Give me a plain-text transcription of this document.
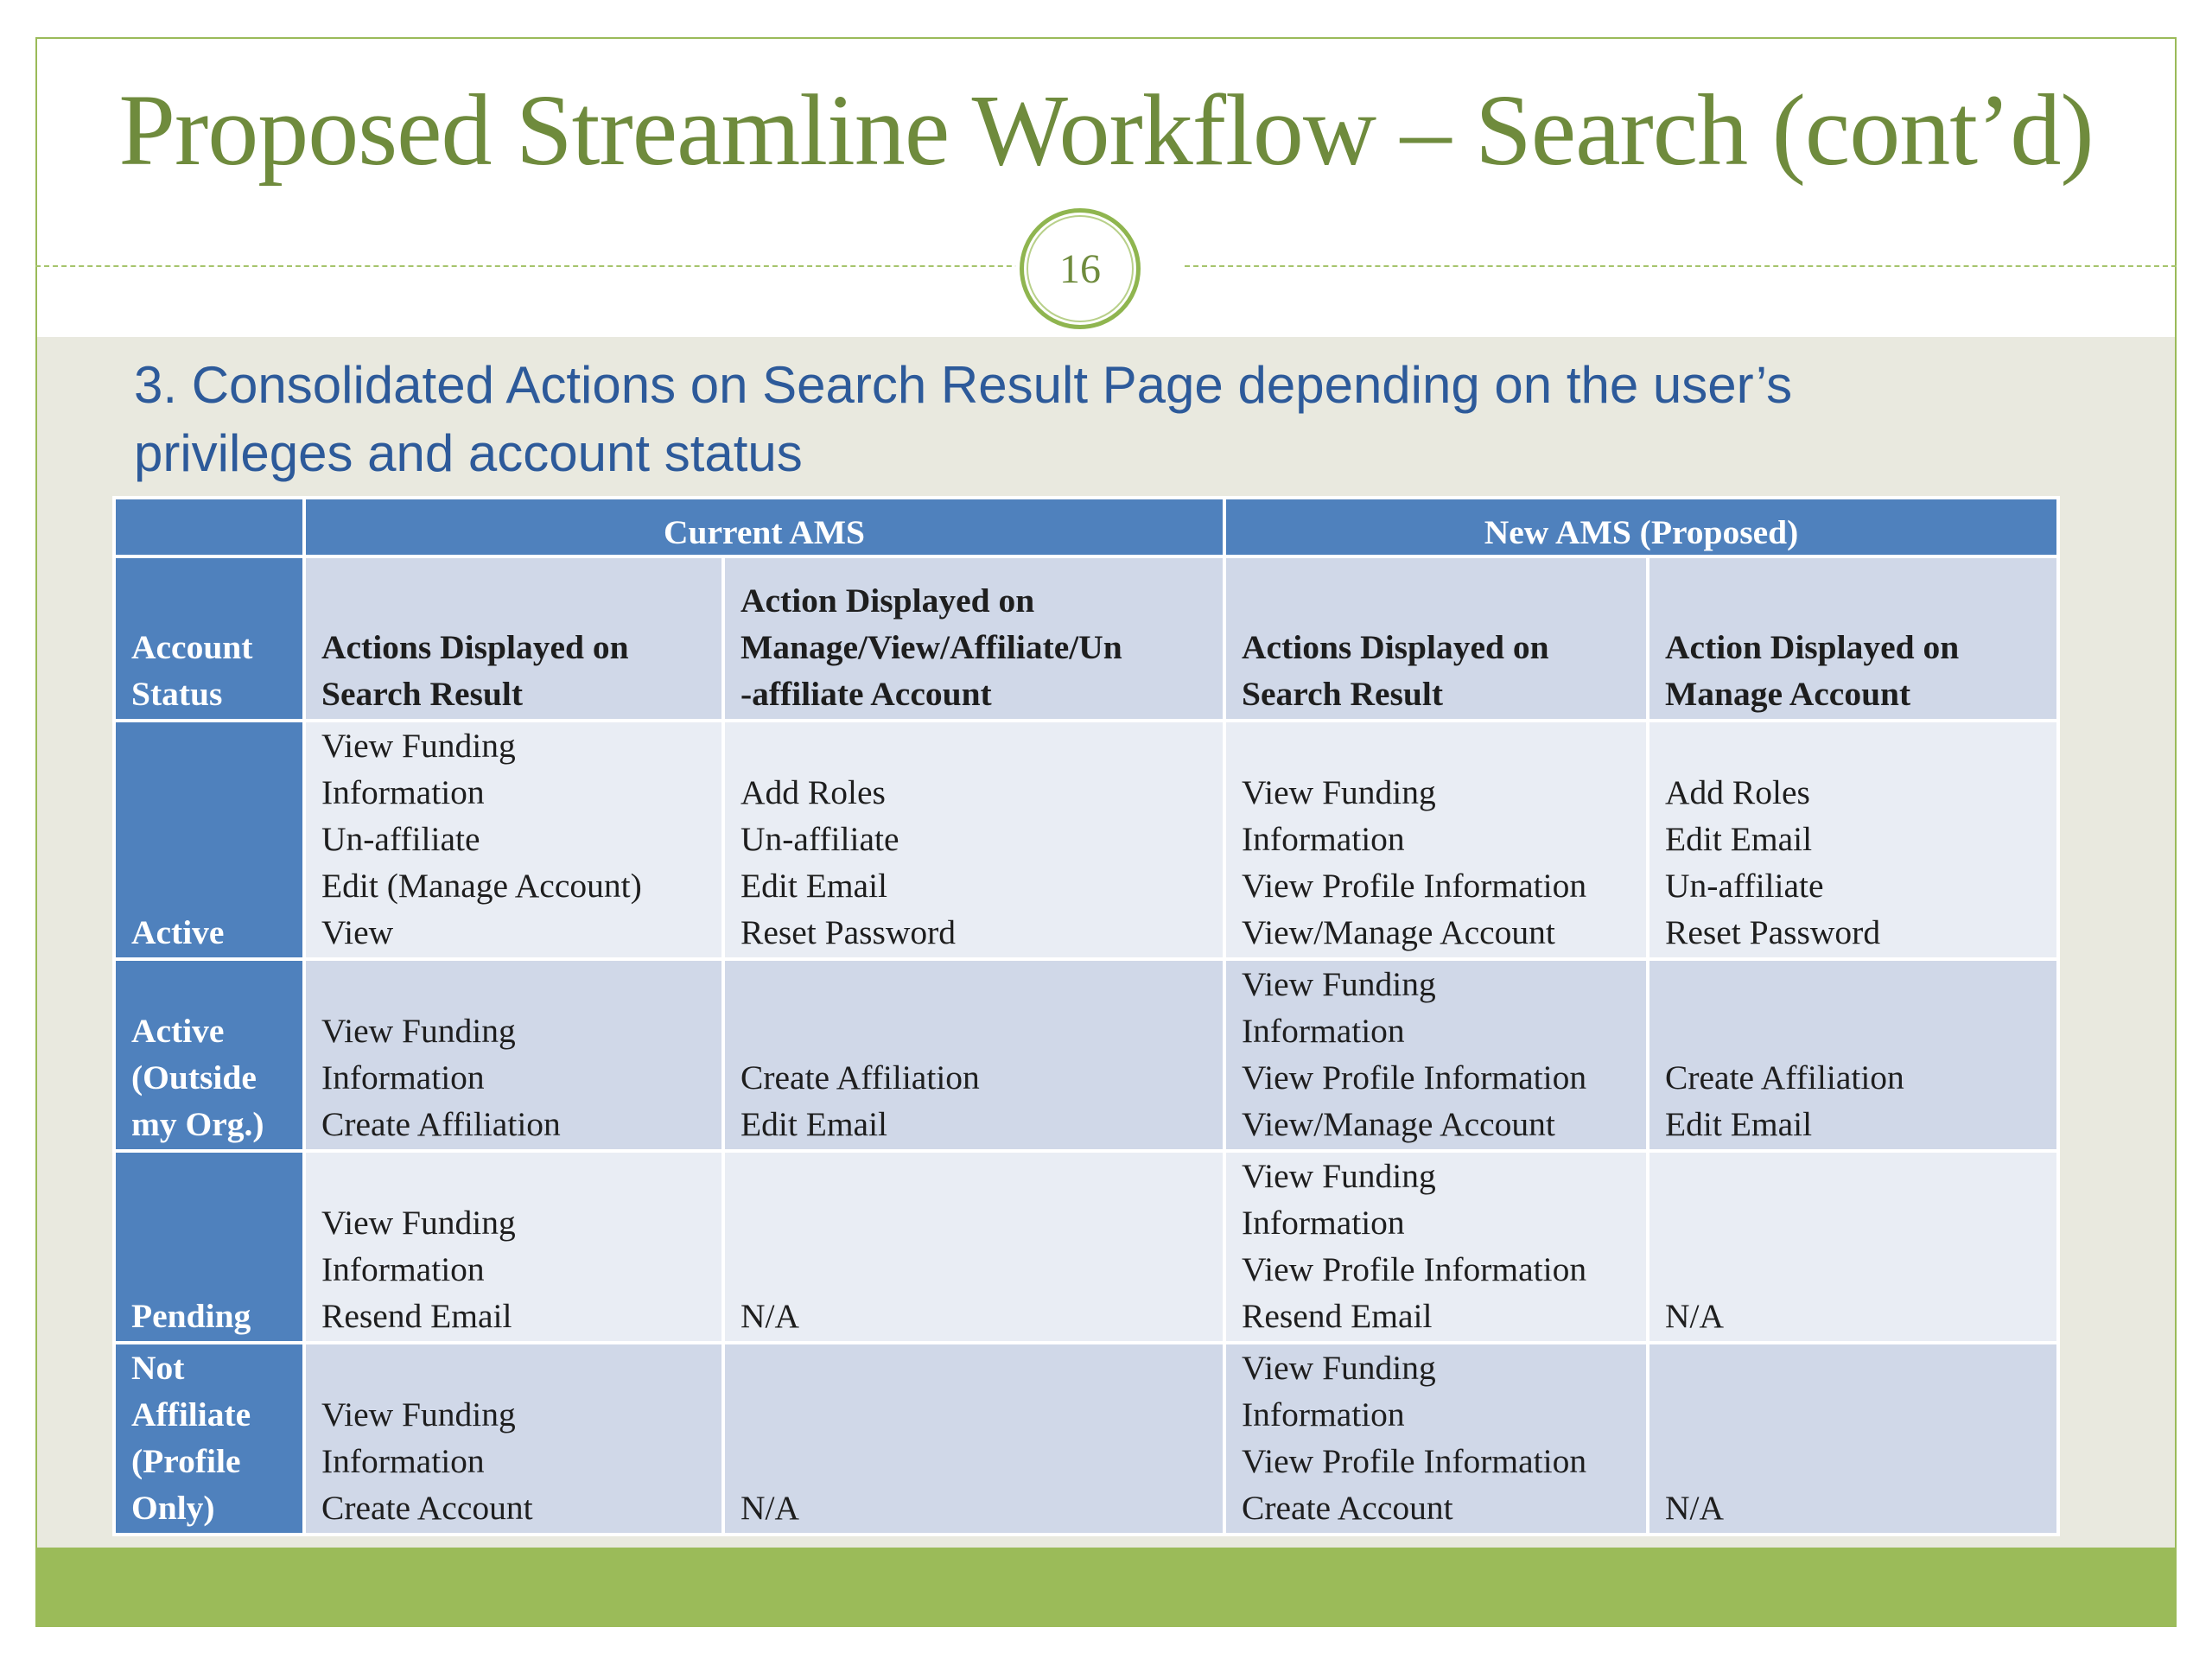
Proposed Streamline Workflow – Search (cont’d)
16
3. Consolidated Actions on Search Result Page depending on the user’s
privileges and account status
	Current AMS		New AMS (Proposed)	

Account
Status	Actions Displayed on
Search Result	Action Displayed on
Manage/View/Affiliate/Un
-affiliate Account	Actions Displayed on
Search Result	Action Displayed on
Manage Account

Active	View Funding
Information
Un-affiliate
Edit (Manage Account)
View	Add Roles
Un-affiliate
Edit Email
Reset Password	View Funding
Information
View Profile Information
View/Manage Account	Add Roles
Edit Email
Un-affiliate
Reset Password

Active
(Outside
my Org.)	View Funding
Information
Create Affiliation	Create Affiliation
Edit Email	View Funding
Information
View Profile Information
View/Manage Account	Create Affiliation
Edit Email

Pending	View Funding
Information
Resend Email	N/A	View Funding
Information
View Profile Information
Resend Email	N/A

Not
Affiliate
(Profile
Only)	View Funding
Information
Create Account	N/A	View Funding
Information
View Profile Information
Create Account	N/A
